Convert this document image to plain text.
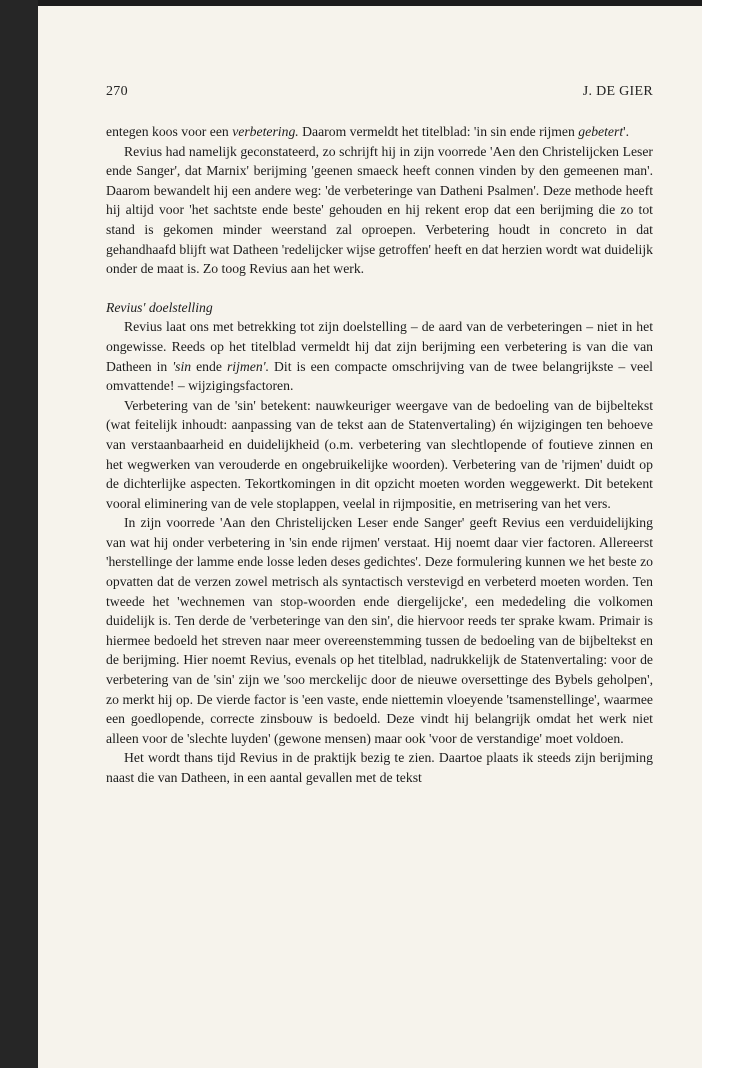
270	J. DE GIER

entegen koos voor een verbetering. Daarom vermeldt het titelblad: 'in sin ende rijmen gebetert'.

Revius had namelijk geconstateerd, zo schrijft hij in zijn voorrede 'Aen den Christelijcken Leser ende Sanger', dat Marnix' berijming 'geenen smaeck heeft connen vinden by den gemeenen man'. Daarom bewandelt hij een andere weg: 'de verbeteringe van Datheni Psalmen'. Deze methode heeft hij altijd voor 'het sachtste ende beste' gehouden en hij rekent erop dat een berijming die zo tot stand is gekomen minder weerstand zal oproepen. Verbetering houdt in concreto in dat gehandhaafd blijft wat Datheen 'redelijcker wijse getroffen' heeft en dat herzien wordt wat duidelijk onder de maat is. Zo toog Revius aan het werk.

Revius' doelstelling

Revius laat ons met betrekking tot zijn doelstelling – de aard van de verbeteringen – niet in het ongewisse. Reeds op het titelblad vermeldt hij dat zijn berijming een verbetering is van die van Datheen in 'sin ende rijmen'. Dit is een compacte omschrijving van de twee belangrijkste – veel omvattende! – wijzigingsfactoren.

Verbetering van de 'sin' betekent: nauwkeuriger weergave van de bedoeling van de bijbeltekst (wat feitelijk inhoudt: aanpassing van de tekst aan de Statenvertaling) én wijzigingen ten behoeve van verstaanbaarheid en duidelijkheid (o.m. verbetering van slechtlopende of foutieve zinnen en het wegwerken van verouderde en ongebruikelijke woorden). Verbetering van de 'rijmen' duidt op de dichterlijke aspecten. Tekortkomingen in dit opzicht moeten worden weggewerkt. Dit betekent vooral eliminering van de vele stoplappen, veelal in rijmpositie, en metrisering van het vers.

In zijn voorrede 'Aan den Christelijcken Leser ende Sanger' geeft Revius een verduidelijking van wat hij onder verbetering in 'sin ende rijmen' verstaat. Hij noemt daar vier factoren. Allereerst 'herstellinge der lamme ende losse leden deses gedichtes'. Deze formulering kunnen we het beste zo opvatten dat de verzen zowel metrisch als syntactisch verstevigd en verbeterd moeten worden. Ten tweede het 'wechnemen van stop-woorden ende diergelijcke', een mededeling die volkomen duidelijk is. Ten derde de 'verbeteringe van den sin', die hiervoor reeds ter sprake kwam. Primair is hiermee bedoeld het streven naar meer overeenstemming tussen de bedoeling van de bijbeltekst en de berijming. Hier noemt Revius, evenals op het titelblad, nadrukkelijk de Statenvertaling: voor de verbetering van de 'sin' zijn we 'soo merckelijc door de nieuwe oversettinge des Bybels geholpen', zo merkt hij op. De vierde factor is 'een vaste, ende niettemin vloeyende 'tsamenstellinge', waarmee een goedlopende, correcte zinsbouw is bedoeld. Deze vindt hij belangrijk omdat het werk niet alleen voor de 'slechte luyden' (gewone mensen) maar ook 'voor de verstandige' moet voldoen.

Het wordt thans tijd Revius in de praktijk bezig te zien. Daartoe plaats ik steeds zijn berijming naast die van Datheen, in een aantal gevallen met de tekst
